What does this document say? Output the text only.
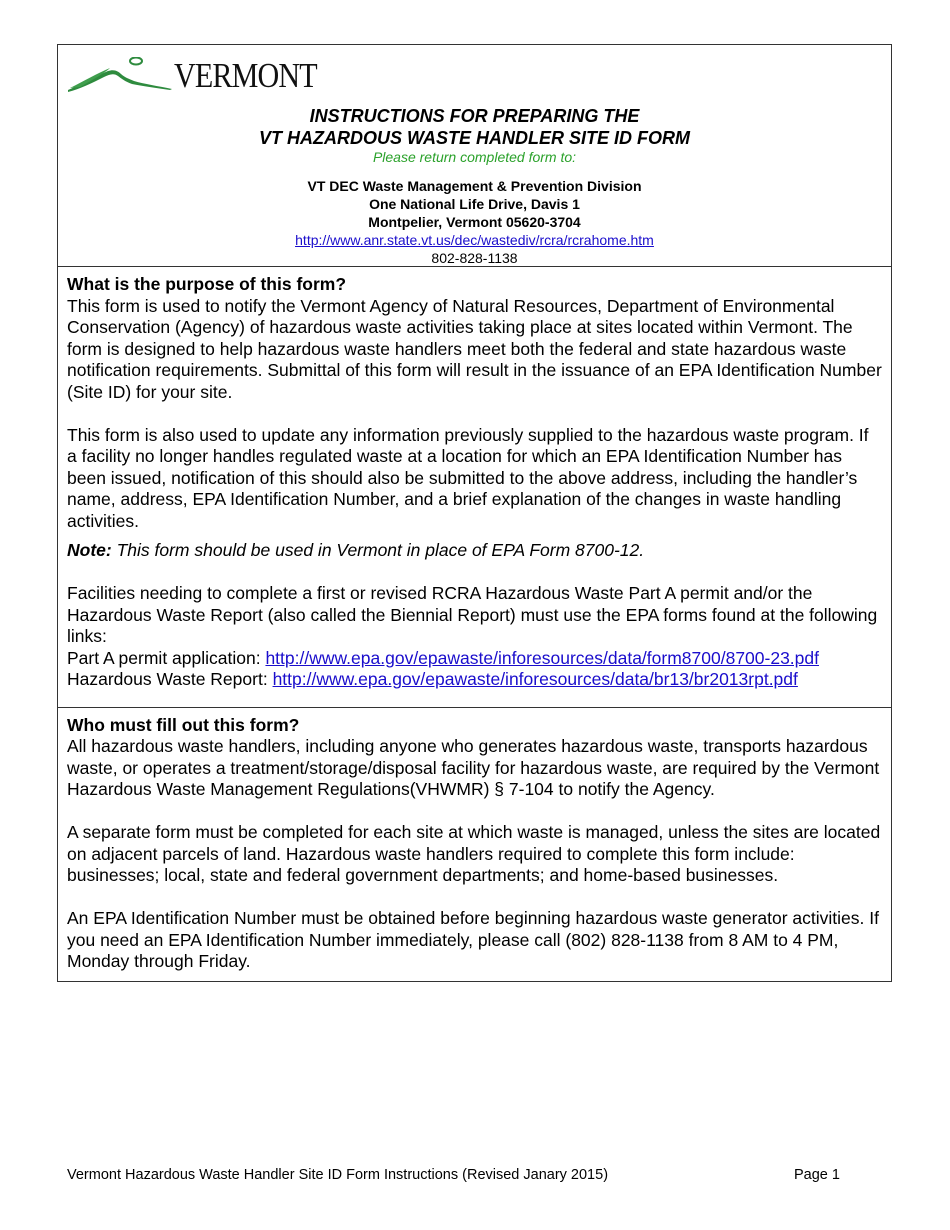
VERMONT
INSTRUCTIONS FOR PREPARING THE
VT HAZARDOUS WASTE HANDLER SITE ID FORM
Please return completed form to:
VT DEC Waste Management & Prevention Division
One National Life Drive, Davis 1
Montpelier, Vermont 05620-3704
http://www.anr.state.vt.us/dec/wastediv/rcra/rcrahome.htm
802-828-1138
What is the purpose of this form?

This form is used to notify the Vermont Agency of Natural Resources, Department of Environmental Conservation (Agency) of hazardous waste activities taking place at sites located within Vermont. The form is designed to help hazardous waste handlers meet both the federal and state hazardous waste notification requirements. Submittal of this form will result in the issuance of an EPA Identification Number (Site ID) for your site.

This form is also used to update any information previously supplied to the hazardous waste program. If a facility no longer handles regulated waste at a location for which an EPA Identification Number has been issued, notification of this should also be submitted to the above address, including the handler’s name, address, EPA Identification Number, and a brief explanation of the changes in waste handling activities.

Note: This form should be used in Vermont in place of EPA Form 8700-12.

Facilities needing to complete a first or revised RCRA Hazardous Waste Part A permit and/or the Hazardous Waste Report (also called the Biennial Report) must use the EPA forms found at the following links:

Part A permit application: http://www.epa.gov/epawaste/inforesources/data/form8700/8700-23.pdf

Hazardous Waste Report: http://www.epa.gov/epawaste/inforesources/data/br13/br2013rpt.pdf

Who must fill out this form?

All hazardous waste handlers, including anyone who generates hazardous waste, transports hazardous waste, or operates a treatment/storage/disposal facility for hazardous waste, are required by the Vermont Hazardous Waste Management Regulations(VHWMR) § 7-104 to notify the Agency.

A separate form must be completed for each site at which waste is managed, unless the sites are located on adjacent parcels of land. Hazardous waste handlers required to complete this form include: businesses; local, state and federal government departments; and home-based businesses.

An EPA Identification Number must be obtained before beginning hazardous waste generator activities. If you need an EPA Identification Number immediately, please call (802) 828-1138 from 8 AM to 4 PM, Monday through Friday.

Vermont Hazardous Waste Handler Site ID Form Instructions (Revised Janary 2015)	Page 1
